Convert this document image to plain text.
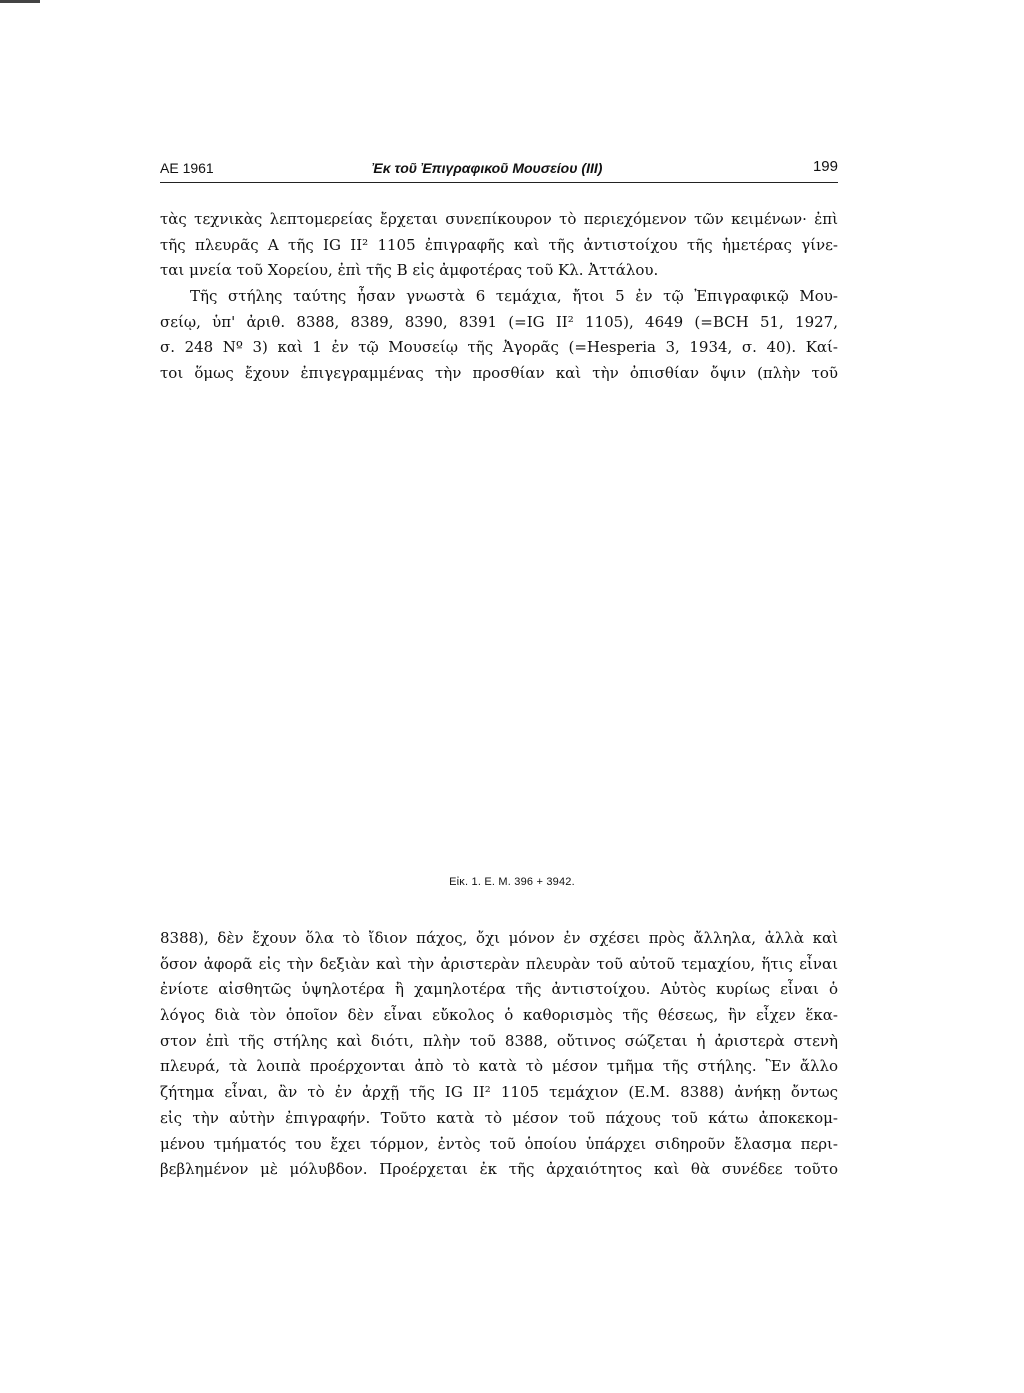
ΑΕ 1961	Ἐκ τοῦ Ἐπιγραφικοῦ Μουσείου (III)	199
τὰς τεχνικὰς λεπτομερείας ἔρχεται συνεπίκουρον τὸ περιεχόμενον τῶν κειμένων· ἐπὶ
τῆς πλευρᾶς Α τῆς IG II² 1105 ἐπιγραφῆς καὶ τῆς ἀντιστοίχου τῆς ἡμετέρας γίνε-
ται μνεία τοῦ Χορείου, ἐπὶ τῆς Β εἰς ἀμφοτέρας τοῦ Κλ. Ἀττάλου.
Τῆς στήλης ταύτης ἦσαν γνωστὰ 6 τεμάχια, ἤτοι 5 ἐν τῷ Ἐπιγραφικῷ Μου-
σείῳ, ὑπ' ἀριθ. 8388, 8389, 8390, 8391 (=IG II² 1105), 4649 (=BCH 51, 1927,
σ. 248 Nº 3) καὶ 1 ἐν τῷ Μουσείῳ τῆς Ἀγορᾶς (=Hesperia 3, 1934, σ. 40). Καί-
τοι ὅμως ἔχουν ἐπιγεγραμμένας τὴν προσθίαν καὶ τὴν ὀπισθίαν ὄψιν (πλὴν τοῦ
Εἰκ. 1. Ε. Μ. 396 + 3942.
8388), δὲν ἔχουν ὅλα τὸ ἴδιον πάχος, ὄχι μόνον ἐν σχέσει πρὸς ἄλληλα, ἀλλὰ καὶ
ὅσον ἀφορᾶ εἰς τὴν δεξιὰν καὶ τὴν ἀριστερὰν πλευρὰν τοῦ αὐτοῦ τεμαχίου, ἥτις εἶναι
ἐνίοτε αἰσθητῶς ὑψηλοτέρα ἢ χαμηλοτέρα τῆς ἀντιστοίχου. Αὐτὸς κυρίως εἶναι ὁ
λόγος διὰ τὸν ὁποῖον δὲν εἶναι εὔκολος ὁ καθορισμὸς τῆς θέσεως, ἣν εἶχεν ἕκα-
στον ἐπὶ τῆς στήλης καὶ διότι, πλὴν τοῦ 8388, οὔτινος σώζεται ἡ ἀριστερὰ στενὴ
πλευρά, τὰ λοιπὰ προέρχονται ἀπὸ τὸ κατὰ τὸ μέσον τμῆμα τῆς στήλης. Ἓν ἄλλο
ζήτημα εἶναι, ἂν τὸ ἐν ἀρχῇ τῆς IG II² 1105 τεμάχιον (Ε.Μ. 8388) ἀνήκῃ ὄντως
εἰς τὴν αὐτὴν ἐπιγραφήν. Τοῦτο κατὰ τὸ μέσον τοῦ πάχους τοῦ κάτω ἀποκεκομ-
μένου τμήματός του ἔχει τόρμον, ἐντὸς τοῦ ὁποίου ὑπάρχει σιδηροῦν ἔλασμα περι-
βεβλημένον μὲ μόλυβδον. Προέρχεται ἐκ τῆς ἀρχαιότητος καὶ θὰ συνέδεε τοῦτο
